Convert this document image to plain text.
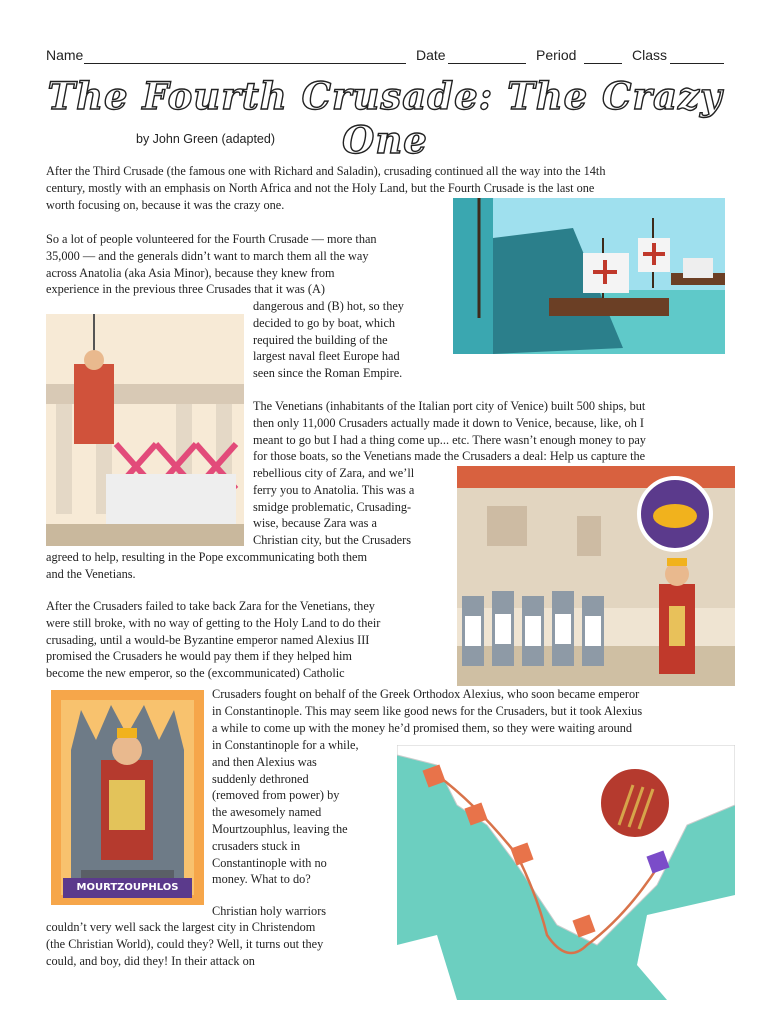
Name	Date	Period	Class
The Fourth Crusade: The Crazy One
by John Green (adapted)
After the Third Crusade (the famous one with Richard and Saladin), crusading continued all the way into the 14th
century, mostly with an emphasis on North Africa and not the Holy Land, but the Fourth Crusade is the last one
worth focusing on, because it was the crazy one.
So a lot of people volunteered for the Fourth Crusade — more than
35,000 — and the generals didn’t want to march them all the way
across Anatolia (aka Asia Minor), because they knew from
experience in the previous three Crusades that it was (A)
dangerous and (B) hot, so they
decided to go by boat, which
required the building of the
largest naval fleet Europe had
seen since the Roman Empire.
The Venetians (inhabitants of the Italian port city of Venice) built 500 ships, but
then only 11,000 Crusaders actually made it down to Venice, because, like, oh I
meant to go but I had a thing come up... etc. There wasn’t enough money to pay
for those boats, so the Venetians made the Crusaders a deal: Help us capture the
rebellious city of Zara, and we’ll
ferry you to Anatolia. This was a
smidge problematic, Crusading-
wise, because Zara was a
Christian city, but the Crusaders
agreed to help, resulting in the Pope excommunicating both them
and the Venetians.
After the Crusaders failed to take back Zara for the Venetians, they
were still broke, with no way of getting to the Holy Land to do their
crusading, until a would-be Byzantine emperor named Alexius III
promised the Crusaders he would pay them if they helped him
become the new emperor, so the (excommunicated) Catholic
MOURTZOUPHLOS
Crusaders fought on behalf of the Greek Orthodox Alexius, who soon became emperor
in Constantinople. This may seem like good news for the Crusaders, but it took Alexius
a while to come up with the money he’d promised them, so they were waiting around
in Constantinople for a while,
and then Alexius was
suddenly dethroned
(removed from power) by
the awesomely named
Mourtzouphlus, leaving the
crusaders stuck in
Constantinople with no
money. What to do?
Christian holy warriors
couldn’t very well sack the largest city in Christendom
(the Christian World), could they? Well, it turns out they
could, and boy, did they! In their attack on
